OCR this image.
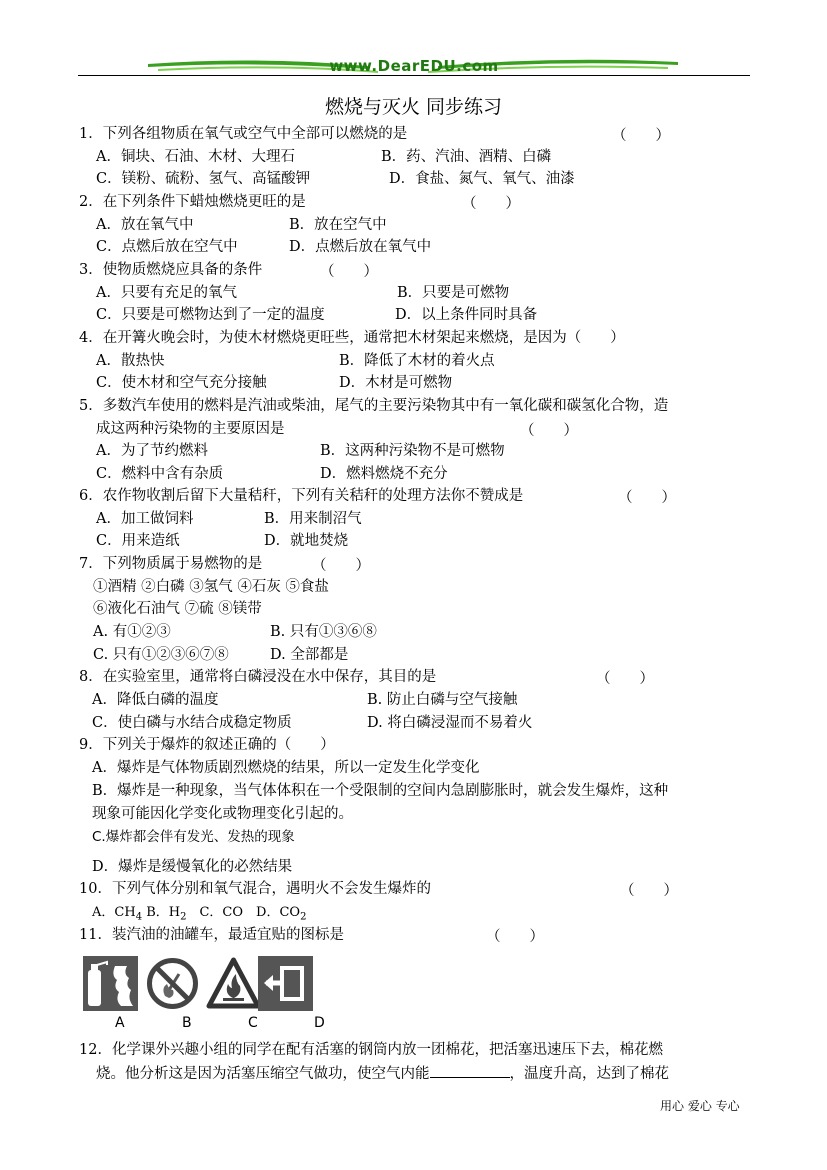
www.DearEDU.com
燃烧与灭火 同步练习
1．下列各组物质在氧气或空气中全部可以燃烧的是	（　　）
A．铜块、石油、木材、大理石	B．药、汽油、酒精、白磷
C．镁粉、硫粉、氢气、高锰酸钾	D．食盐、氮气、氧气、油漆
2．在下列条件下蜡烛燃烧更旺的是	（　　）
A．放在氧气中	B．放在空气中
C．点燃后放在空气中	D．点燃后放在氧气中
3．使物质燃烧应具备的条件	（　　）
A．只要有充足的氧气	B．只要是可燃物
C．只要是可燃物达到了一定的温度	D．以上条件同时具备
4．在开篝火晚会时，为使木材燃烧更旺些，通常把木材架起来燃烧，是因为（　　）
A．散热快	B．降低了木材的着火点
C．使木材和空气充分接触	D．木材是可燃物
5．多数汽车使用的燃料是汽油或柴油，尾气的主要污染物其中有一氧化碳和碳氢化合物，造
成这两种污染物的主要原因是	（　　）
A．为了节约燃料	B．这两种污染物不是可燃物
C．燃料中含有杂质	D．燃料燃烧不充分
6．农作物收割后留下大量秸秆，下列有关秸秆的处理方法你不赞成是	（　　）
A．加工做饲料	B．用来制沼气
C．用来造纸	D．就地焚烧
7．下列物质属于易燃物的是	（　　）
①酒精 ②白磷 ③氢气 ④石灰 ⑤食盐
⑥液化石油气 ⑦硫 ⑧镁带
A. 有①②③	B. 只有①③⑥⑧
C. 只有①②③⑥⑦⑧	D. 全部都是
8．在实验室里，通常将白磷浸没在水中保存，其目的是	（　　）
A．降低白磷的温度	B. 防止白磷与空气接触
C．使白磷与水结合成稳定物质	D. 将白磷浸湿而不易着火
9．下列关于爆炸的叙述正确的（　　）
A．爆炸是气体物质剧烈燃烧的结果，所以一定发生化学变化
B．爆炸是一种现象，当气体体积在一个受限制的空间内急剧膨胀时，就会发生爆炸，这种
现象可能因化学变化或物理变化引起的。
C.爆炸都会伴有发光、发热的现象
D．爆炸是缓慢氧化的必然结果
10．下列气体分别和氧气混合，遇明火不会发生爆炸的	（　　）
A．$CH_4$ B．$H_2$　C．CO　D．$CO_2$
11．装汽油的油罐车，最适宜贴的图标是	（　　）
A	B	C	D
12．化学课外兴趣小组的同学在配有活塞的钢筒内放一团棉花，把活塞迅速压下去，棉花燃
烧。他分析这是因为活塞压缩空气做功，使空气内能	，温度升高，达到了棉花
用心 爱心 专心
